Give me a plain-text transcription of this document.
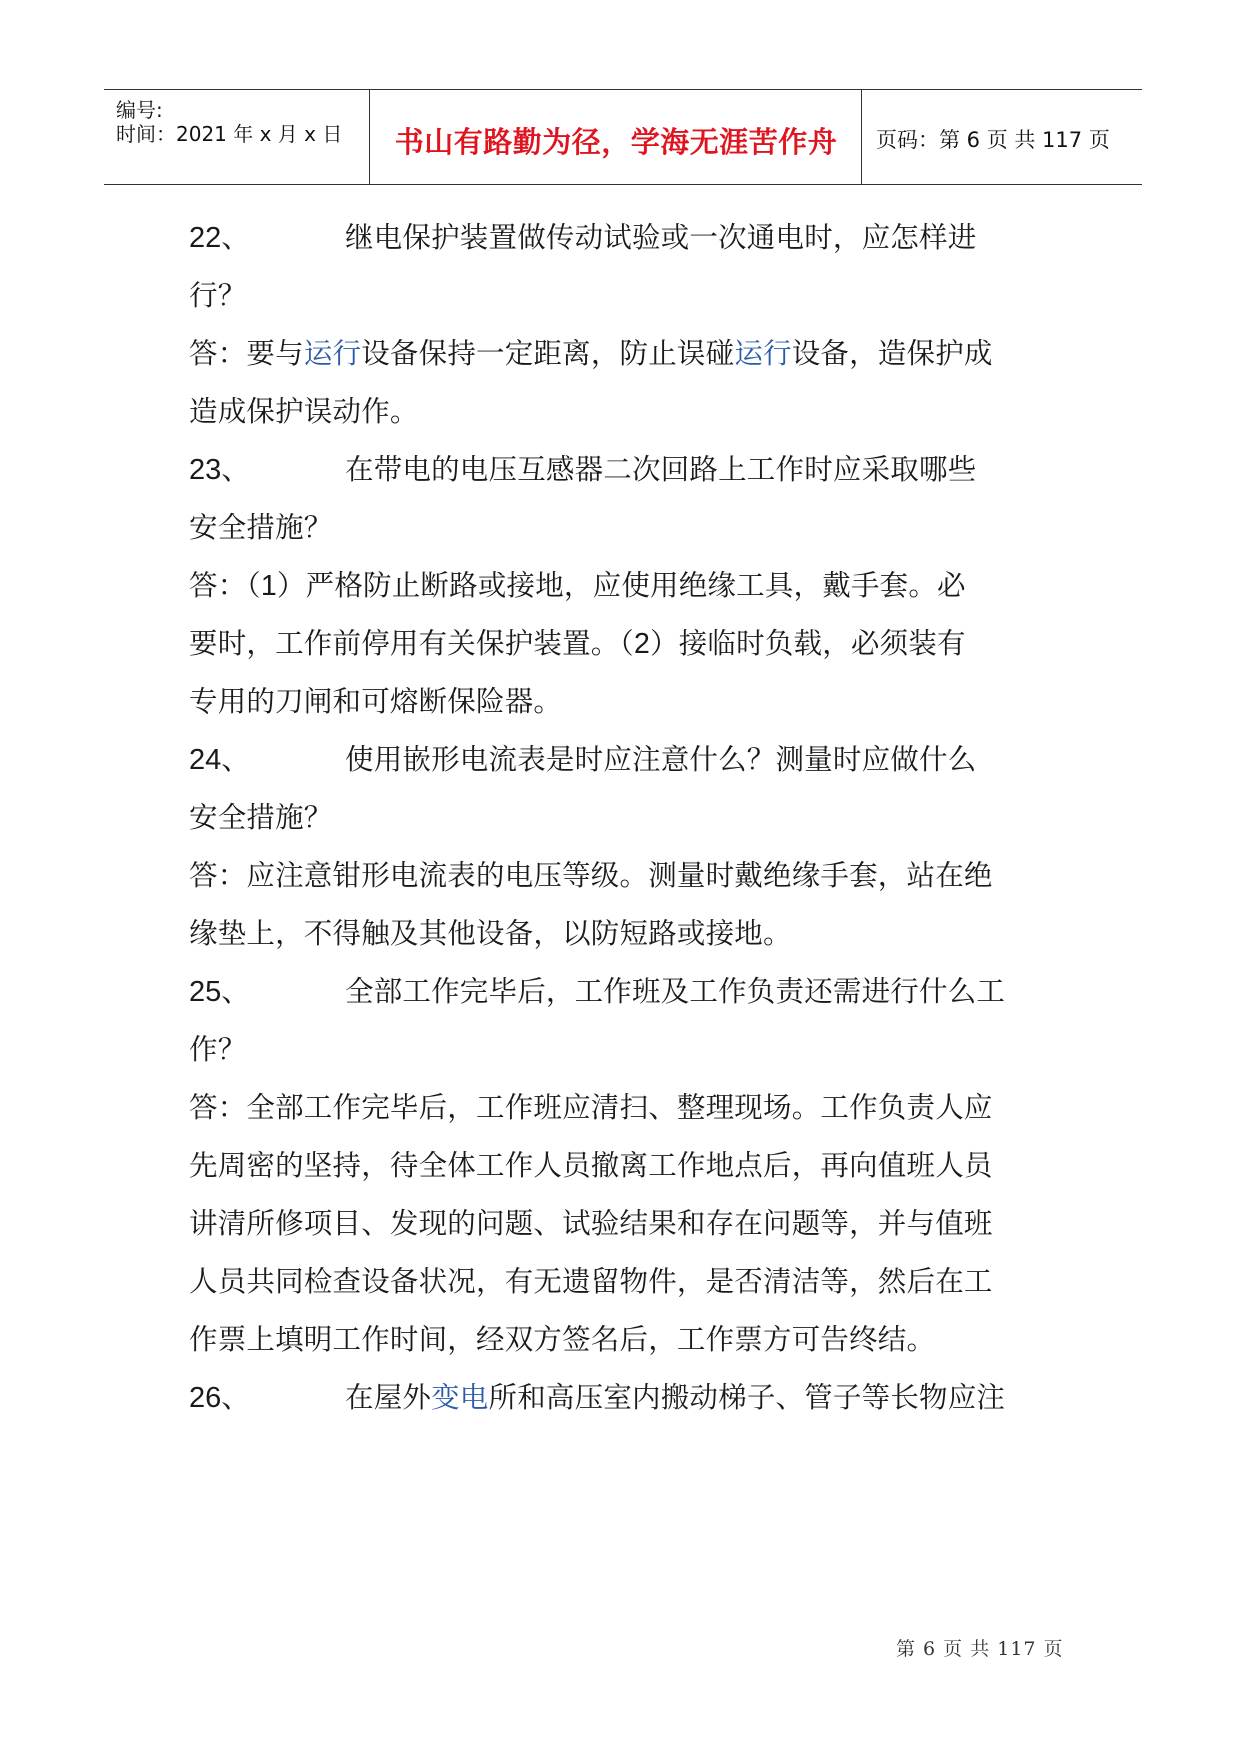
编号:
时间：2021 年 x 月 x 日	书山有路勤为径，学海无涯苦作舟	页码：第 6 页 共 117 页
22、	继电保护装置做传动试验或一次通电时，应怎样进
行？
答：要与运行设备保持一定距离，防止误碰运行设备，造保护成
造成保护误动作。
23、	在带电的电压互感器二次回路上工作时应采取哪些
安全措施？
答：（1）严格防止断路或接地，应使用绝缘工具，戴手套。必
要时，工作前停用有关保护装置。（2）接临时负载，必须装有
专用的刀闸和可熔断保险器。
24、	使用嵌形电流表是时应注意什么？测量时应做什么
安全措施？
答：应注意钳形电流表的电压等级。测量时戴绝缘手套，站在绝
缘垫上，不得触及其他设备，以防短路或接地。
25、	全部工作完毕后，工作班及工作负责还需进行什么工
作？
答：全部工作完毕后，工作班应清扫、整理现场。工作负责人应
先周密的坚持，待全体工作人员撤离工作地点后，再向值班人员
讲清所修项目、发现的问题、试验结果和存在问题等，并与值班
人员共同检查设备状况，有无遗留物件，是否清洁等，然后在工
作票上填明工作时间，经双方签名后，工作票方可告终结。
26、	在屋外变电所和高压室内搬动梯子、管子等长物应注
第 6 页 共 117 页
